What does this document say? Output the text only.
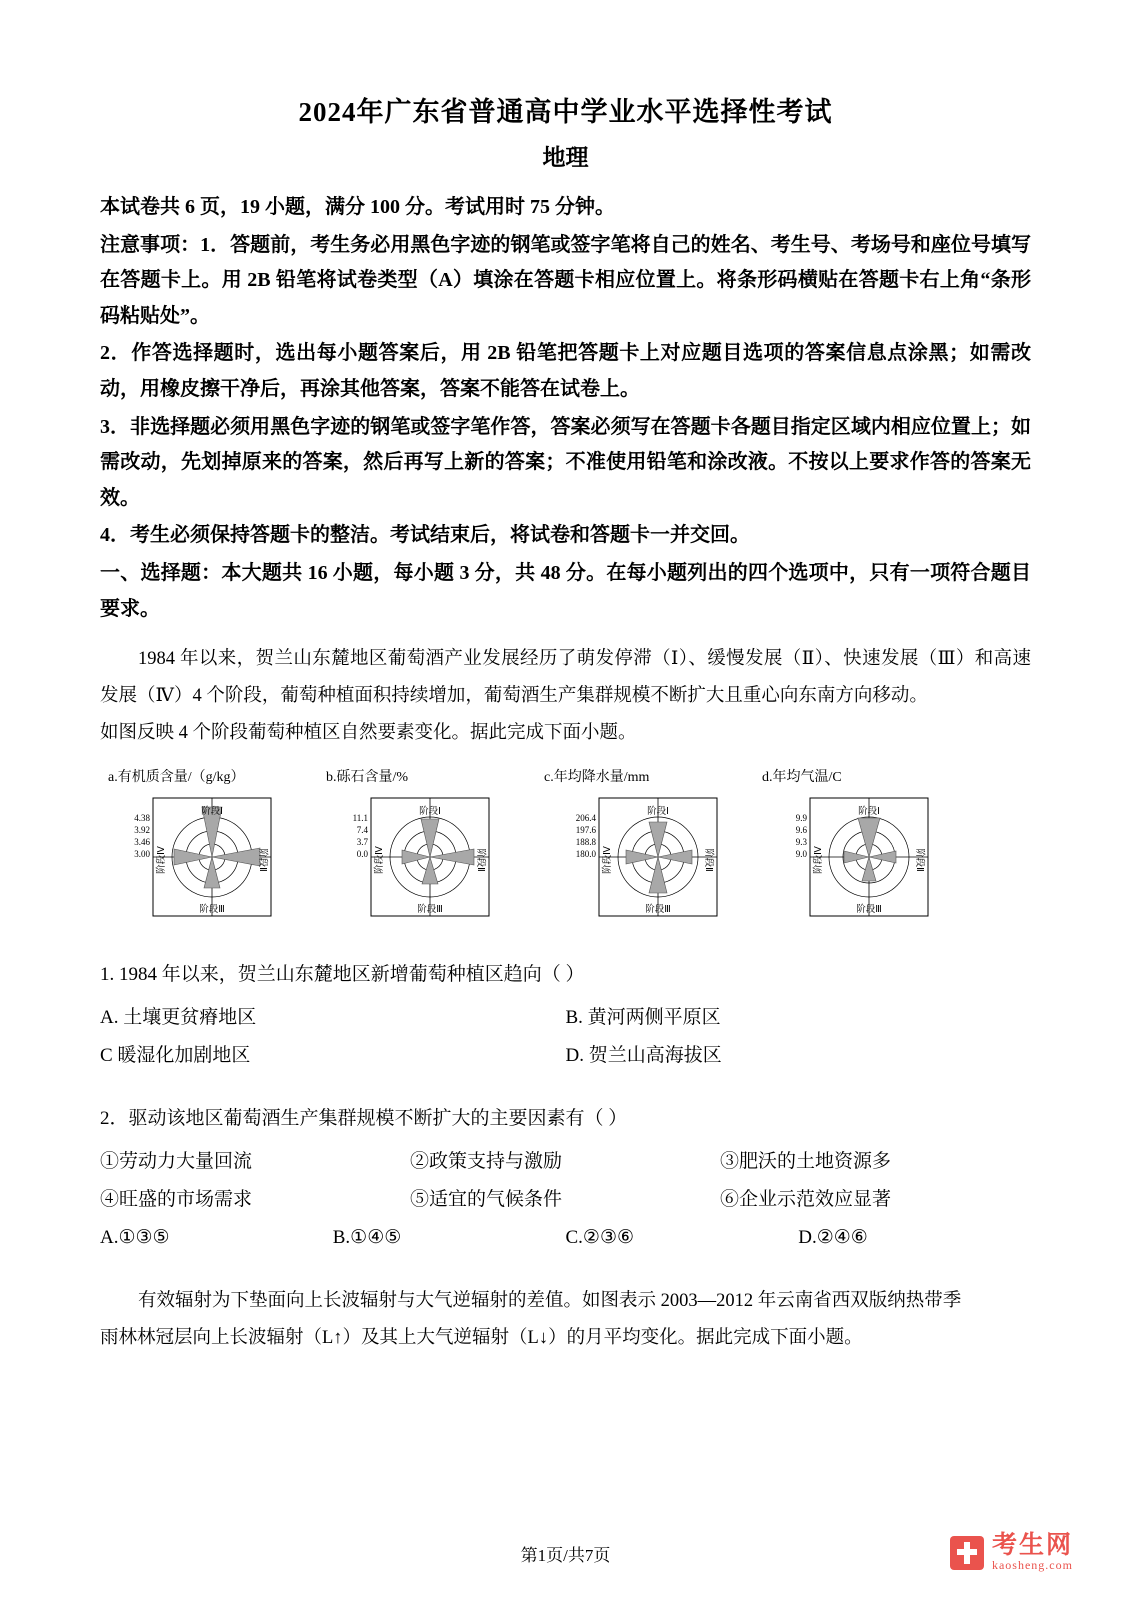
2024年广东省普通高中学业水平选择性考试
地理
本试卷共 6 页，19 小题，满分 100 分。考试用时 75 分钟。
注意事项：1．答题前，考生务必用黑色字迹的钢笔或签字笔将自己的姓名、考生号、考场号和座位号填写在答题卡上。用 2B 铅笔将试卷类型（A）填涂在答题卡相应位置上。将条形码横贴在答题卡右上角“条形码粘贴处”。
2．作答选择题时，选出每小题答案后，用 2B 铅笔把答题卡上对应题目选项的答案信息点涂黑；如需改动，用橡皮擦干净后，再涂其他答案，答案不能答在试卷上。
3．非选择题必须用黑色字迹的钢笔或签字笔作答，答案必须写在答题卡各题目指定区域内相应位置上；如需改动，先划掉原来的答案，然后再写上新的答案；不准使用铅笔和涂改液。不按以上要求作答的答案无效。
4．考生必须保持答题卡的整洁。考试结束后，将试卷和答题卡一并交回。
一、选择题：本大题共 16 小题，每小题 3 分，共 48 分。在每小题列出的四个选项中，只有一项符合题目要求。
1984 年以来，贺兰山东麓地区葡萄酒产业发展经历了萌发停滞（Ⅰ）、缓慢发展（Ⅱ）、快速发展（Ⅲ）和高速发展（Ⅳ）4 个阶段，葡萄种植面积持续增加，葡萄酒生产集群规模不断扩大且重心向东南方向移动。
如图反映 4 个阶段葡萄种植区自然要素变化。据此完成下面小题。
a.有机质含量/（g/kg）
阶段Ⅰ
阶段Ⅲ
阶段Ⅱ
阶段Ⅳ
4.38
3.92
3.46
3.00
b.砾石含量/%
阶段Ⅰ
阶段Ⅲ
阶段Ⅱ
阶段Ⅳ
11.1
7.4
3.7
0.0
c.年均降水量/mm
阶段Ⅰ
阶段Ⅲ
阶段Ⅱ
阶段Ⅳ
206.4
197.6
188.8
180.0
d.年均气温/C
阶段Ⅰ
阶段Ⅲ
阶段Ⅱ
阶段Ⅳ
9.9
9.6
9.3
9.0
1. 1984 年以来，贺兰山东麓地区新增葡萄种植区趋向（ ）
A. 土壤更贫瘠地区	B. 黄河两侧平原区
C 暖湿化加剧地区	D. 贺兰山高海拔区
2．驱动该地区葡萄酒生产集群规模不断扩大的主要因素有（ ）
①劳动力大量回流	②政策支持与激励	③肥沃的土地资源多
④旺盛的市场需求	⑤适宜的气候条件	⑥企业示范效应显著
A.①③⑤	B.①④⑤	C.②③⑥	D.②④⑥
有效辐射为下垫面向上长波辐射与大气逆辐射的差值。如图表示 2003—2012 年云南省西双版纳热带季
雨林林冠层向上长波辐射（L↑）及其上大气逆辐射（L↓）的月平均变化。据此完成下面小题。
第1页/共7页	考生网
kaosheng.com
